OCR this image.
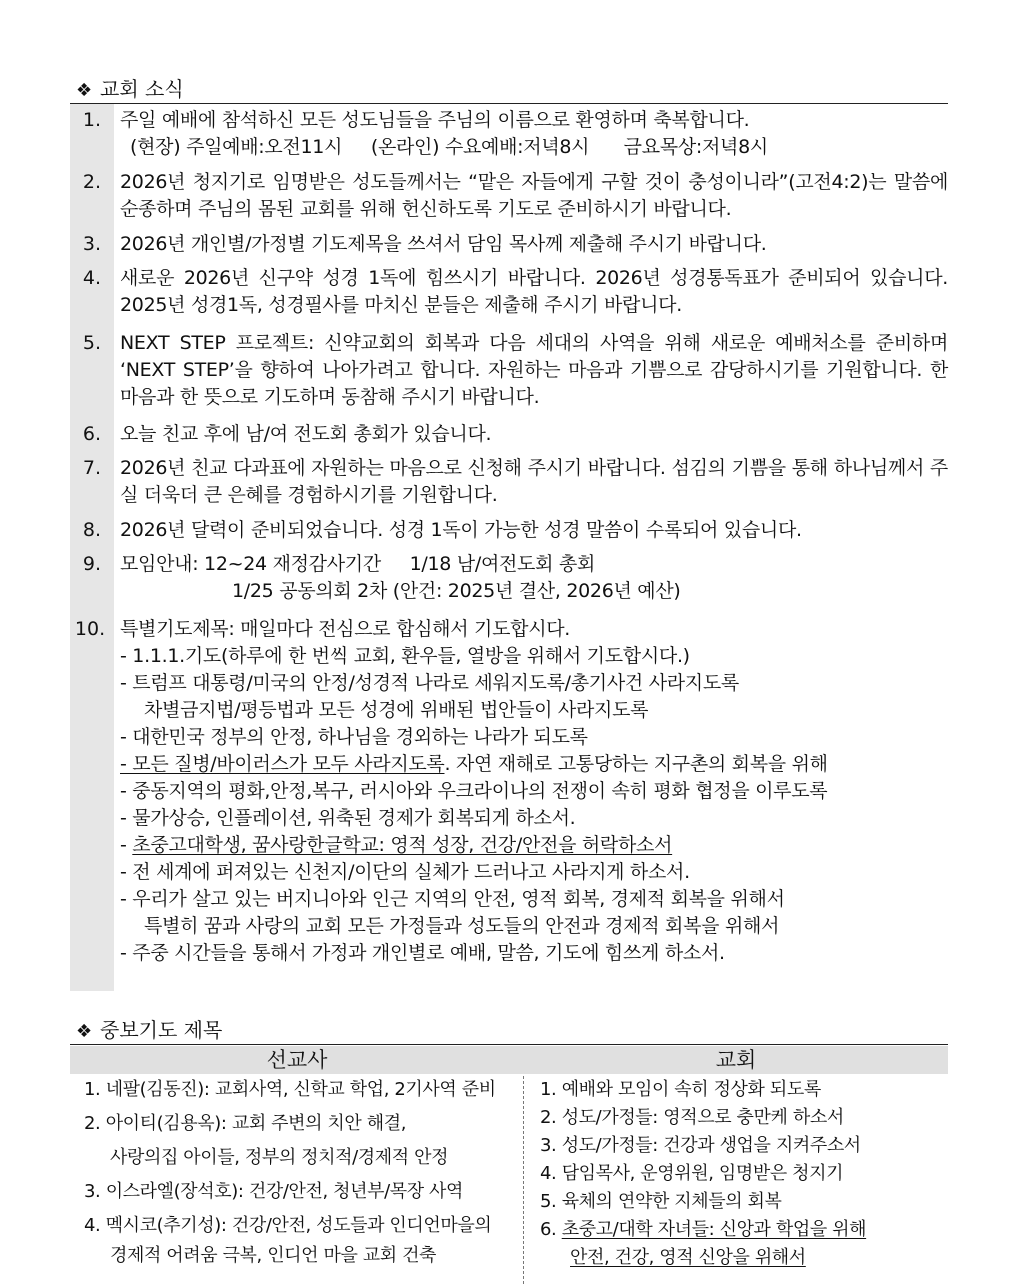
❖ 교회 소식
1. 주일 예배에 참석하신 모든 성도님들을 주님의 이름으로 환영하며 축복합니다.
(현장) 주일예배:오전11시     (온라인) 수요예배:저녁8시      금요목상:저녁8시
2. 2026년 청지기로 임명받은 성도들께서는 “맡은 자들에게 구할 것이 충성이니라”(고전4:2)는 말씀에 순종하며 주님의 몸된 교회를 위해 헌신하도록 기도로 준비하시기 바랍니다.
3. 2026년 개인별/가정별 기도제목을 쓰셔서 담임 목사께 제출해 주시기 바랍니다.
4. 새로운 2026년 신구약 성경 1독에 힘쓰시기 바랍니다. 2026년 성경통독표가 준비되어 있습니다. 2025년 성경1독, 성경필사를 마치신 분들은 제출해 주시기 바랍니다.
5. NEXT STEP 프로젝트: 신약교회의 회복과 다음 세대의 사역을 위해 새로운 예배처소를 준비하며 ‘NEXT STEP’을 향하여 나아가려고 합니다. 자원하는 마음과 기쁨으로 감당하시기를 기원합니다. 한 마음과 한 뜻으로 기도하며 동참해 주시기 바랍니다.
6. 오늘 친교 후에 남/여 전도회 총회가 있습니다.
7. 2026년 친교 다과표에 자원하는 마음으로 신청해 주시기 바랍니다. 섬김의 기쁨을 통해 하나님께서 주실 더욱더 큰 은혜를 경험하시기를 기원합니다.
8. 2026년 달력이 준비되었습니다. 성경 1독이 가능한 성경 말씀이 수록되어 있습니다.
9. 모임안내: 12~24 재정감사기간     1/18 남/여전도회 총회
1/25 공동의회 2차 (안건: 2025년 결산, 2026년 예산)
10. 특별기도제목: 매일마다 전심으로 합심해서 기도합시다.
- 1.1.1.기도(하루에 한 번씩 교회, 환우들, 열방을 위해서 기도합시다.)
- 트럼프 대통령/미국의 안정/성경적 나라로 세워지도록/총기사건 사라지도록
차별금지법/평등법과 모든 성경에 위배된 법안들이 사라지도록
- 대한민국 정부의 안정, 하나님을 경외하는 나라가 되도록
- 모든 질병/바이러스가 모두 사라지도록. 자연 재해로 고통당하는 지구촌의 회복을 위해
- 중동지역의 평화,안정,복구, 러시아와 우크라이나의 전쟁이 속히 평화 협정을 이루도록
- 물가상승, 인플레이션, 위축된 경제가 회복되게 하소서.
- 초중고대학생, 꿈사랑한글학교: 영적 성장, 건강/안전을 허락하소서
- 전 세계에 퍼져있는 신천지/이단의 실체가 드러나고 사라지게 하소서.
- 우리가 살고 있는 버지니아와 인근 지역의 안전, 영적 회복, 경제적 회복을 위해서
특별히 꿈과 사랑의 교회 모든 가정들과 성도들의 안전과 경제적 회복을 위해서
- 주중 시간들을 통해서 가정과 개인별로 예배, 말씀, 기도에 힘쓰게 하소서.
❖ 중보기도 제목
선교사	교회
1. 네팔(김동진): 교회사역, 신학교 학업, 2기사역 준비
2. 아이티(김용옥): 교회 주변의 치안 해결,
사랑의집 아이들, 정부의 정치적/경제적 안정
3. 이스라엘(장석호): 건강/안전, 청년부/목장 사역
4. 멕시코(추기성): 건강/안전, 성도들과 인디언마을의
경제적 어려움 극복, 인디언 마을 교회 건축
1. 예배와 모임이 속히 정상화 되도록
2. 성도/가정들: 영적으로 충만케 하소서
3. 성도/가정들: 건강과 생업을 지켜주소서
4. 담임목사, 운영위원, 임명받은 청지기
5. 육체의 연약한 지체들의 회복
6. 초중고/대학 자녀들: 신앙과 학업을 위해
안전, 건강, 영적 신앙을 위해서
